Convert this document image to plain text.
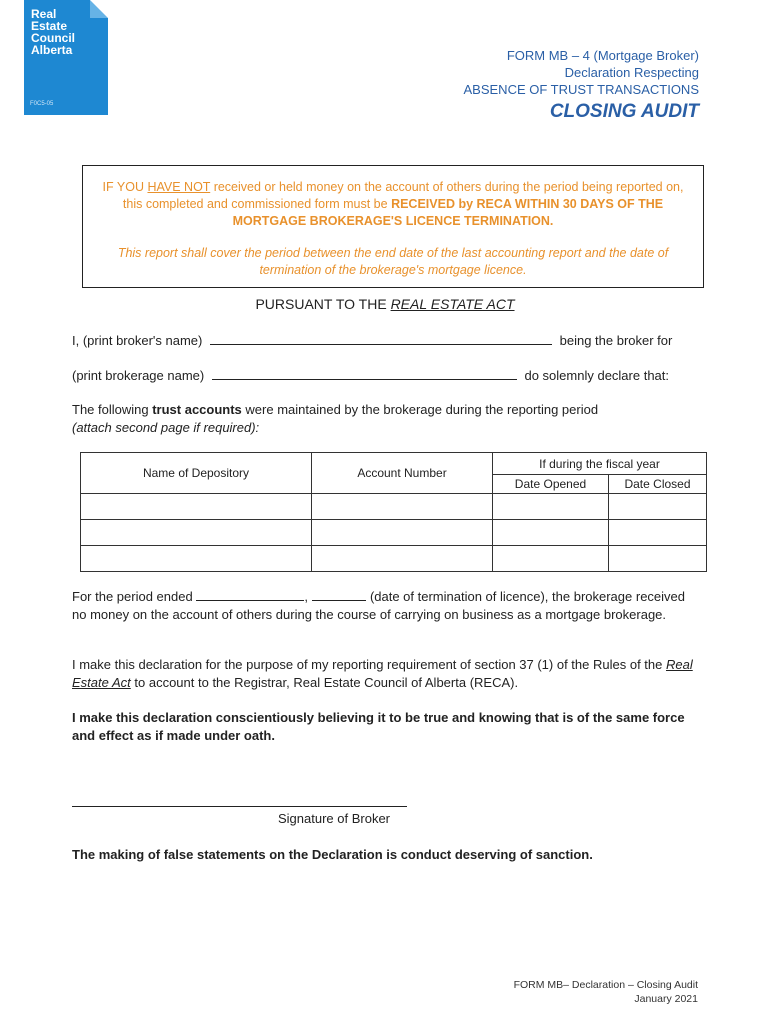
Real
Estate
Council
Alberta
F0C5-05
FORM MB – 4 (Mortgage Broker)
Declaration Respecting
ABSENCE OF TRUST TRANSACTIONS
CLOSING AUDIT
IF YOU HAVE NOT received or held money on the account of others during the period being reported on, this completed and commissioned form must be RECEIVED by RECA WITHIN 30 DAYS OF THE MORTGAGE BROKERAGE'S LICENCE TERMINATION.
This report shall cover the period between the end date of the last accounting report and the date of termination of the brokerage's mortgage licence.
PURSUANT TO THE REAL ESTATE ACT
I, (print broker's name)	being the broker for
(print brokerage name)	do solemnly declare that:
The following trust accounts were maintained by the brokerage during the reporting period
(attach second page if required):
Name of Depository	Account Number	If during the fiscal year	
		Date Opened	Date Closed

For the period ended	,	(date of termination of licence), the brokerage received no money on the account of others during the course of carrying on business as a mortgage brokerage.
I make this declaration for the purpose of my reporting requirement of section 37 (1) of the Rules of the Real Estate Act to account to the Registrar, Real Estate Council of Alberta (RECA).
I make this declaration conscientiously believing it to be true and knowing that is of the same force and effect as if made under oath.
Signature of Broker
The making of false statements on the Declaration is conduct deserving of sanction.
FORM MB– Declaration – Closing Audit
January 2021
